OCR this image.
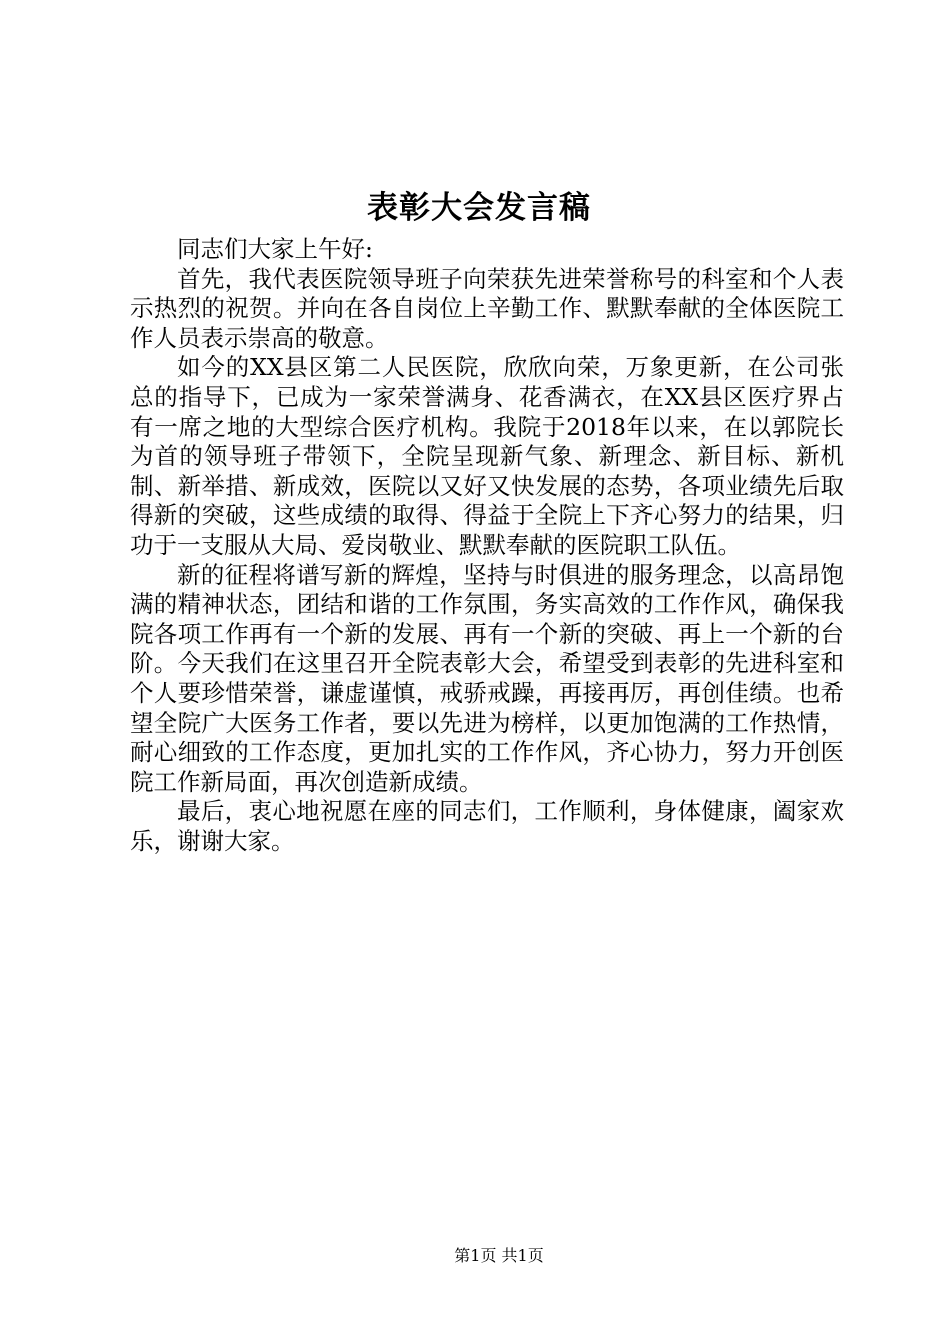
表彰大会发言稿

同志们大家上午好:

首先，我代表医院领导班子向荣获先进荣誉称号的科室和个人表示热烈的祝贺。并向在各自岗位上辛勤工作、默默奉献的全体医院工作人员表示崇高的敬意。

如今的XX县区第二人民医院，欣欣向荣，万象更新，在公司张总的指导下，已成为一家荣誉满身、花香满衣，在XX县区医疗界占有一席之地的大型综合医疗机构。我院于2018年以来，在以郭院长为首的领导班子带领下，全院呈现新气象、新理念、新目标、新机制、新举措、新成效，医院以又好又快发展的态势，各项业绩先后取得新的突破，这些成绩的取得、得益于全院上下齐心努力的结果，归功于一支服从大局、爱岗敬业、默默奉献的医院职工队伍。

新的征程将谱写新的辉煌，坚持与时俱进的服务理念，以高昂饱满的精神状态，团结和谐的工作氛围，务实高效的工作作风，确保我院各项工作再有一个新的发展、再有一个新的突破、再上一个新的台阶。今天我们在这里召开全院表彰大会，希望受到表彰的先进科室和个人要珍惜荣誉，谦虚谨慎，戒骄戒躁，再接再厉，再创佳绩。也希望全院广大医务工作者，要以先进为榜样，以更加饱满的工作热情，耐心细致的工作态度，更加扎实的工作作风，齐心协力，努力开创医院工作新局面，再次创造新成绩。

最后，衷心地祝愿在座的同志们，工作顺利，身体健康，阖家欢乐，谢谢大家。

第1页 共1页
